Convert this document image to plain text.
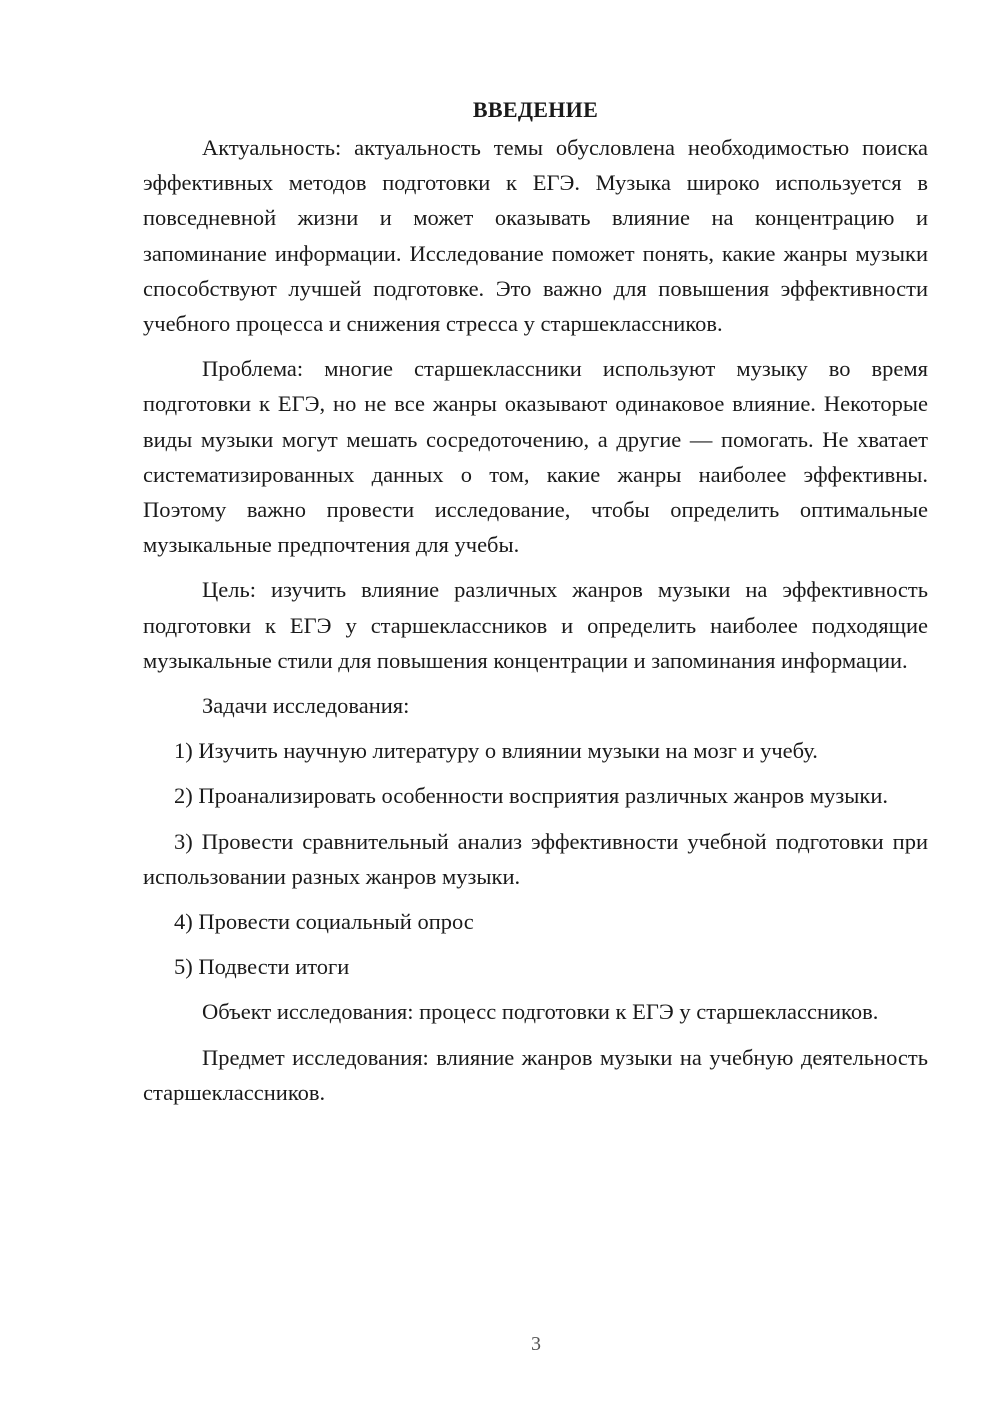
ВВЕДЕНИЕ

Актуальность: актуальность темы обусловлена необходимостью поиска эффективных методов подготовки к ЕГЭ. Музыка широко используется в повседневной жизни и может оказывать влияние на концентрацию и запоминание информации. Исследование поможет понять, какие жанры музыки способствуют лучшей подготовке. Это важно для повышения эффективности учебного процесса и снижения стресса у старшеклассников.

Проблема: многие старшеклассники используют музыку во время подготовки к ЕГЭ, но не все жанры оказывают одинаковое влияние. Некоторые виды музыки могут мешать сосредоточению, а другие — помогать. Не хватает систематизированных данных о том, какие жанры наиболее эффективны. Поэтому важно провести исследование, чтобы определить оптимальные музыкальные предпочтения для учебы.

Цель: изучить влияние различных жанров музыки на эффективность подготовки к ЕГЭ у старшеклассников и определить наиболее подходящие музыкальные стили для повышения концентрации и запоминания информации.

Задачи исследования:

1) Изучить научную литературу о влиянии музыки на мозг и учебу.

2) Проанализировать особенности восприятия различных жанров музыки.

3) Провести сравнительный анализ эффективности учебной подготовки при использовании разных жанров музыки.

4) Провести социальный опрос

5) Подвести итоги

Объект исследования: процесс подготовки к ЕГЭ у старшеклассников.

Предмет исследования: влияние жанров музыки на учебную деятельность старшеклассников.

3
